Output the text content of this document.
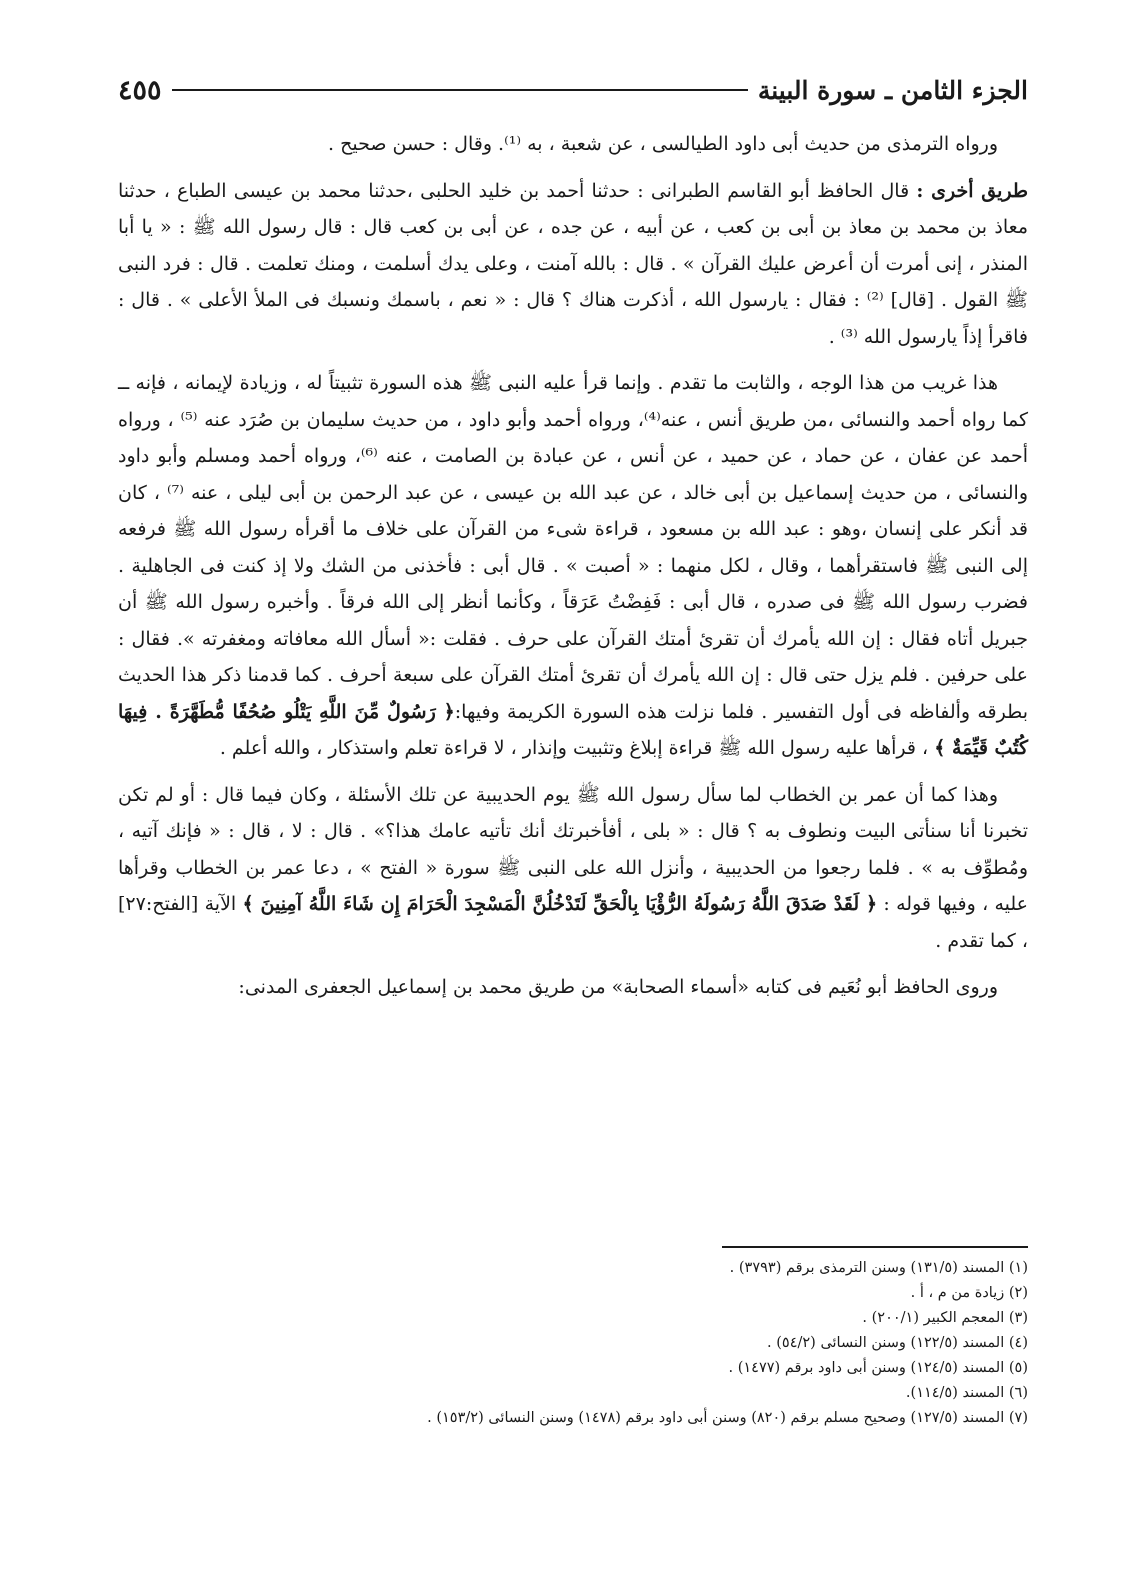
الجزء الثامن ـ سورة البينة
٤٥٥

ورواه الترمذى من حديث أبى داود الطيالسى ، عن شعبة ، به ⁽¹⁾. وقال : حسن صحيح .

طريق أخرى : قال الحافظ أبو القاسم الطبرانى : حدثنا أحمد بن خليد الحلبى ،حدثنا محمد بن عيسى الطباع ، حدثنا معاذ بن محمد بن معاذ بن أبى بن كعب ، عن أبيه ، عن جده ، عن أبى بن كعب قال : قال رسول الله ﷺ : « يا أبا المنذر ، إنى أمرت أن أعرض عليك القرآن » . قال : بالله آمنت ، وعلى يدك أسلمت ، ومنك تعلمت . قال : فرد النبى ﷺ القول . [قال] ⁽²⁾ : فقال : يارسول الله ، أذكرت هناك ؟ قال : « نعم ، باسمك ونسبك فى الملأ الأعلى » . قال : فاقرأ إذاً يارسول الله ⁽³⁾ .

هذا غريب من هذا الوجه ، والثابت ما تقدم . وإنما قرأ عليه النبى ﷺ هذه السورة تثبيتاً له ، وزيادة لإيمانه ، فإنه ــ كما رواه أحمد والنسائى ،من طريق أنس ، عنه⁽⁴⁾، ورواه أحمد وأبو داود ، من حديث سليمان بن صُرَد عنه ⁽⁵⁾ ، ورواه أحمد عن عفان ، عن حماد ، عن حميد ، عن أنس ، عن عبادة بن الصامت ، عنه ⁽⁶⁾، ورواه أحمد ومسلم وأبو داود والنسائى ، من حديث إسماعيل بن أبى خالد ، عن عبد الله بن عيسى ، عن عبد الرحمن بن أبى ليلى ، عنه ⁽⁷⁾ ، كان قد أنكر على إنسان ،وهو : عبد الله بن مسعود ، قراءة شىء من القرآن على خلاف ما أقرأه رسول الله ﷺ فرفعه إلى النبى ﷺ فاستقرأهما ، وقال ، لكل منهما : « أصبت » . قال أبى : فأخذنى من الشك ولا إذ كنت فى الجاهلية . فضرب رسول الله ﷺ فى صدره ، قال أبى : فَفِضْتُ عَرَقاً ، وكأنما أنظر إلى الله فرقاً . وأخبره رسول الله ﷺ أن جبريل أتاه فقال : إن الله يأمرك أن تقرئ أمتك القرآن على حرف . فقلت :« أسأل الله معافاته ومغفرته ». فقال : على حرفين . فلم يزل حتى قال : إن الله يأمرك أن تقرئ أمتك القرآن على سبعة أحرف . كما قدمنا ذكر هذا الحديث بطرقه وألفاظه فى أول التفسير . فلما نزلت هذه السورة الكريمة وفيها:﴿ رَسُولٌ مِّنَ اللَّهِ يَتْلُو صُحُفًا مُّطَهَّرَةً . فِيهَا كُتُبٌ قَيِّمَةٌ ﴾ ، قرأها عليه رسول الله ﷺ قراءة إبلاغ وتثبيت وإنذار ، لا قراءة تعلم واستذكار ، والله أعلم .

وهذا كما أن عمر بن الخطاب لما سأل رسول الله ﷺ يوم الحديبية عن تلك الأسئلة ، وكان فيما قال : أو لم تكن تخبرنا أنا سنأتى البيت ونطوف به ؟ قال : « بلى ، أفأخبرتك أنك تأتيه عامك هذا؟» . قال : لا ، قال : « فإنك آتيه ، ومُطوِّف به » . فلما رجعوا من الحديبية ، وأنزل الله على النبى ﷺ سورة « الفتح » ، دعا عمر بن الخطاب وقرأها عليه ، وفيها قوله : ﴿ لَقَدْ صَدَقَ اللَّهُ رَسُولَهُ الرُّؤْيَا بِالْحَقِّ لَتَدْخُلُنَّ الْمَسْجِدَ الْحَرَامَ إِن شَاءَ اللَّهُ آمِنِينَ ﴾ الآية [الفتح:٢٧] ، كما تقدم .

وروى الحافظ أبو نُعَيم فى كتابه «أسماء الصحابة» من طريق محمد بن إسماعيل الجعفرى المدنى:

(١) المسند (١٣١/٥) وسنن الترمذى برقم (٣٧٩٣) .
(٢) زيادة من م ، أ .
(٣) المعجم الكبير (٢٠٠/١) .
(٤) المسند (١٢٢/٥) وسنن النسائى (٥٤/٢) .
(٥) المسند (١٢٤/٥) وسنن أبى داود برقم (١٤٧٧) .
(٦) المسند (١١٤/٥).
(٧) المسند (١٢٧/٥) وصحيح مسلم برقم (٨٢٠) وسنن أبى داود برقم (١٤٧٨) وسنن النسائى (١٥٣/٢) .
